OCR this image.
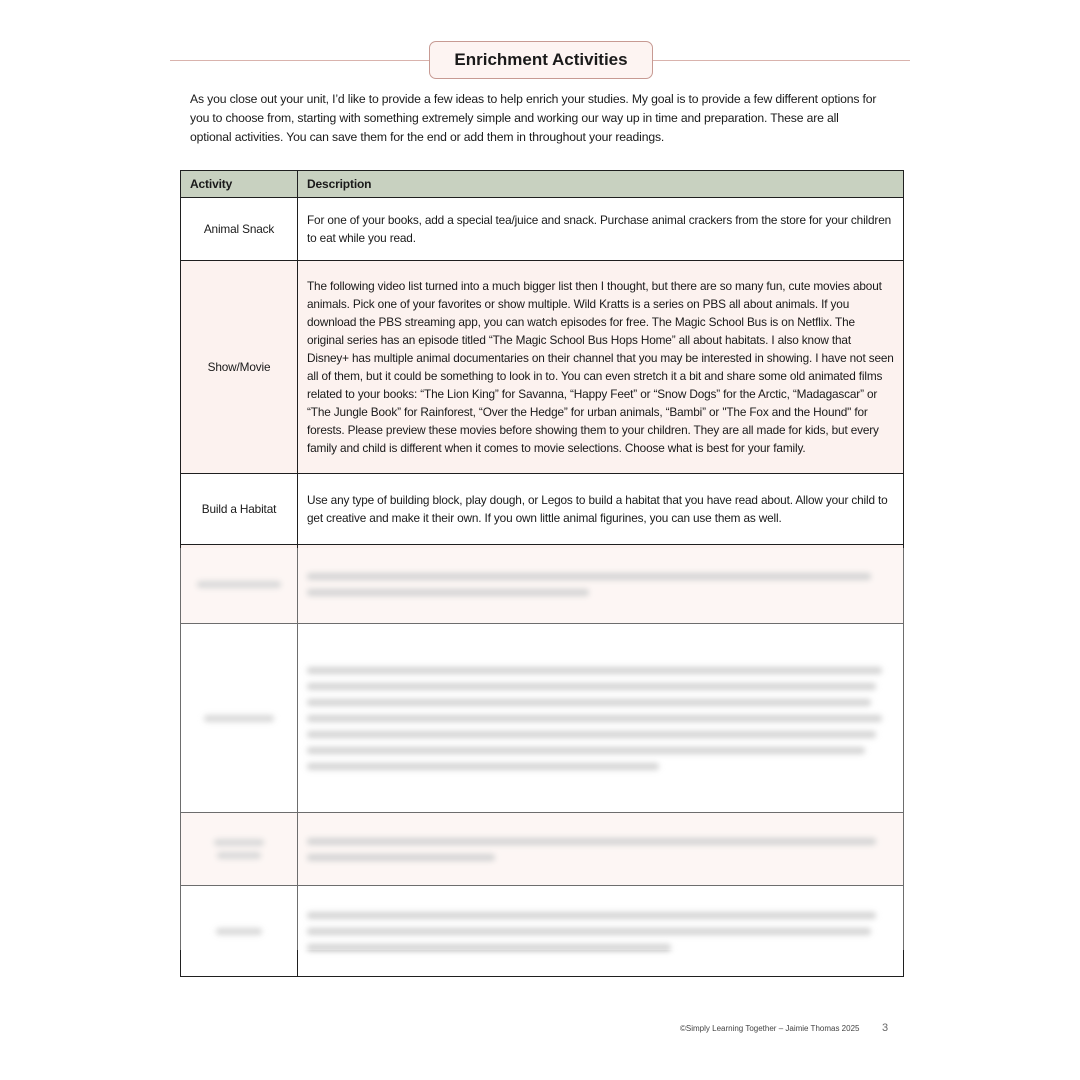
Enrichment Activities

As you close out your unit, I’d like to provide a few ideas to help enrich your studies. My goal is to provide a few different options for you to choose from, starting with something extremely simple and working our way up in time and preparation. These are all optional activities. You can save them for the end or add them in throughout your readings.

Activity	Description
Animal Snack	For one of your books, add a special tea/juice and snack. Purchase animal crackers from the store for your children to eat while you read.
Show/Movie	The following video list turned into a much bigger list then I thought, but there are so many fun, cute movies about animals. Pick one of your favorites or show multiple. Wild Kratts is a series on PBS all about animals. If you download the PBS streaming app, you can watch episodes for free. The Magic School Bus is on Netflix. The original series has an episode titled “The Magic School Bus Hops Home” all about habitats. I also know that Disney+ has multiple animal documentaries on their channel that you may be interested in showing. I have not seen all of them, but it could be something to look in to. You can even stretch it a bit and share some old animated films related to your books: “The Lion King” for Savanna, “Happy Feet” or “Snow Dogs” for the Arctic, “Madagascar” or “The Jungle Book” for Rainforest, “Over the Hedge” for urban animals, “Bambi” or "The Fox and the Hound" for forests. Please preview these movies before showing them to your children. They are all made for kids, but every family and child is different when it comes to movie selections. Choose what is best for your family.
Build a Habitat	Use any type of building block, play dough, or Legos to build a habitat that you have read about. Allow your child to get creative and make it their own. If you own little animal figurines, you can use them as well.

©Simply Learning Together – Jaimie Thomas 2025 3
